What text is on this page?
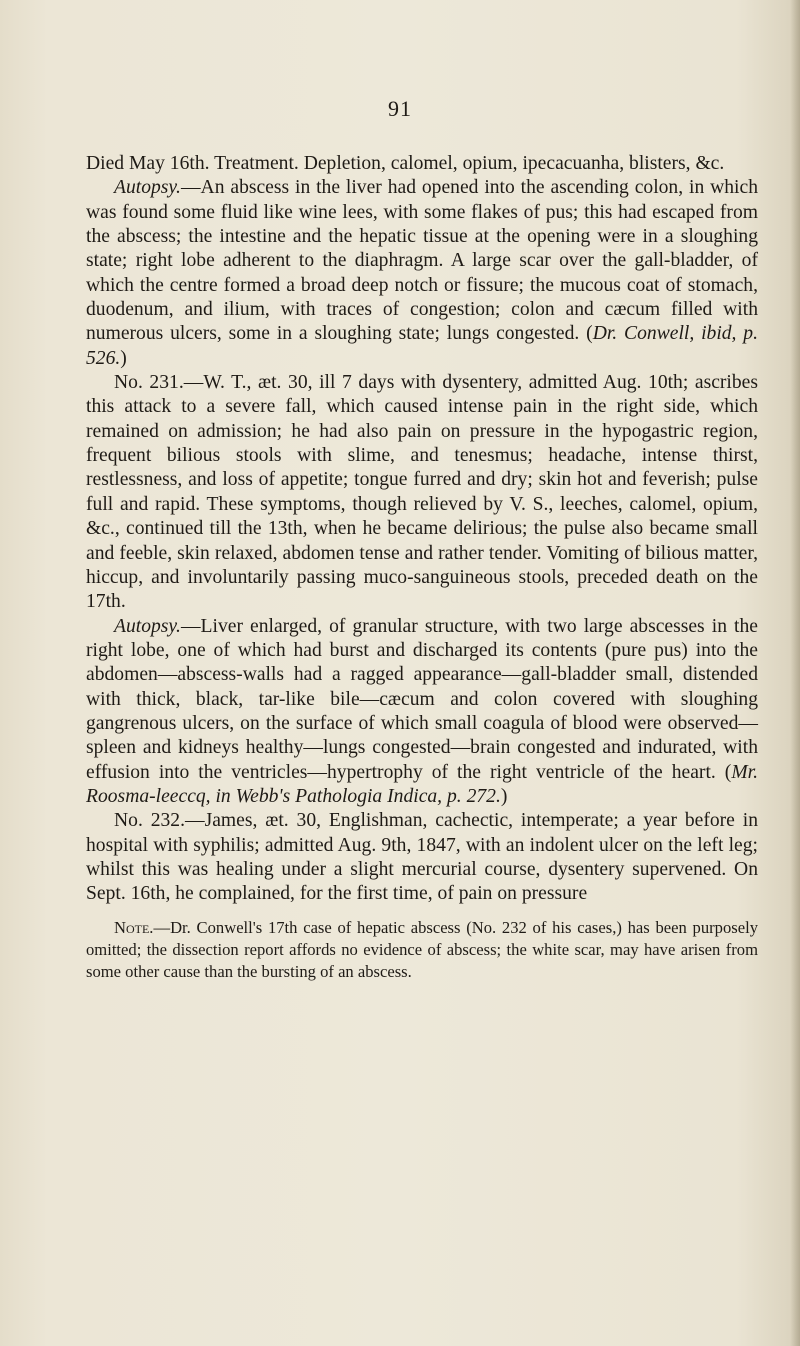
91

Died May 16th. Treatment. Depletion, calomel, opium, ipecacuanha, blisters, &c.

Autopsy.—An abscess in the liver had opened into the ascending colon, in which was found some fluid like wine lees, with some flakes of pus; this had escaped from the abscess; the intestine and the hepatic tissue at the opening were in a sloughing state; right lobe adherent to the diaphragm. A large scar over the gall-bladder, of which the centre formed a broad deep notch or fissure; the mucous coat of stomach, duodenum, and ilium, with traces of congestion; colon and cæcum filled with numerous ulcers, some in a sloughing state; lungs congested. (Dr. Conwell, ibid, p. 526.)

No. 231.—W. T., æt. 30, ill 7 days with dysentery, admitted Aug. 10th; ascribes this attack to a severe fall, which caused intense pain in the right side, which remained on admission; he had also pain on pressure in the hypogastric region, frequent bilious stools with slime, and tenesmus; headache, intense thirst, restlessness, and loss of appetite; tongue furred and dry; skin hot and feverish; pulse full and rapid. These symptoms, though relieved by V. S., leeches, calomel, opium, &c., continued till the 13th, when he became delirious; the pulse also became small and feeble, skin relaxed, abdomen tense and rather tender. Vomiting of bilious matter, hiccup, and involuntarily passing muco-sanguineous stools, preceded death on the 17th.

Autopsy.—Liver enlarged, of granular structure, with two large abscesses in the right lobe, one of which had burst and discharged its contents (pure pus) into the abdomen—abscess-walls had a ragged appearance—gall-bladder small, distended with thick, black, tar-like bile—cæcum and colon covered with sloughing gangrenous ulcers, on the surface of which small coagula of blood were observed—spleen and kidneys healthy—lungs congested—brain congested and indurated, with effusion into the ventricles—hypertrophy of the right ventricle of the heart. (Mr. Roosma-leeccq, in Webb's Pathologia Indica, p. 272.)

No. 232.—James, æt. 30, Englishman, cachectic, intemperate; a year before in hospital with syphilis; admitted Aug. 9th, 1847, with an indolent ulcer on the left leg; whilst this was healing under a slight mercurial course, dysentery supervened. On Sept. 16th, he complained, for the first time, of pain on pressure

Note.—Dr. Conwell's 17th case of hepatic abscess (No. 232 of his cases,) has been purposely omitted; the dissection report affords no evidence of abscess; the white scar, may have arisen from some other cause than the bursting of an abscess.
